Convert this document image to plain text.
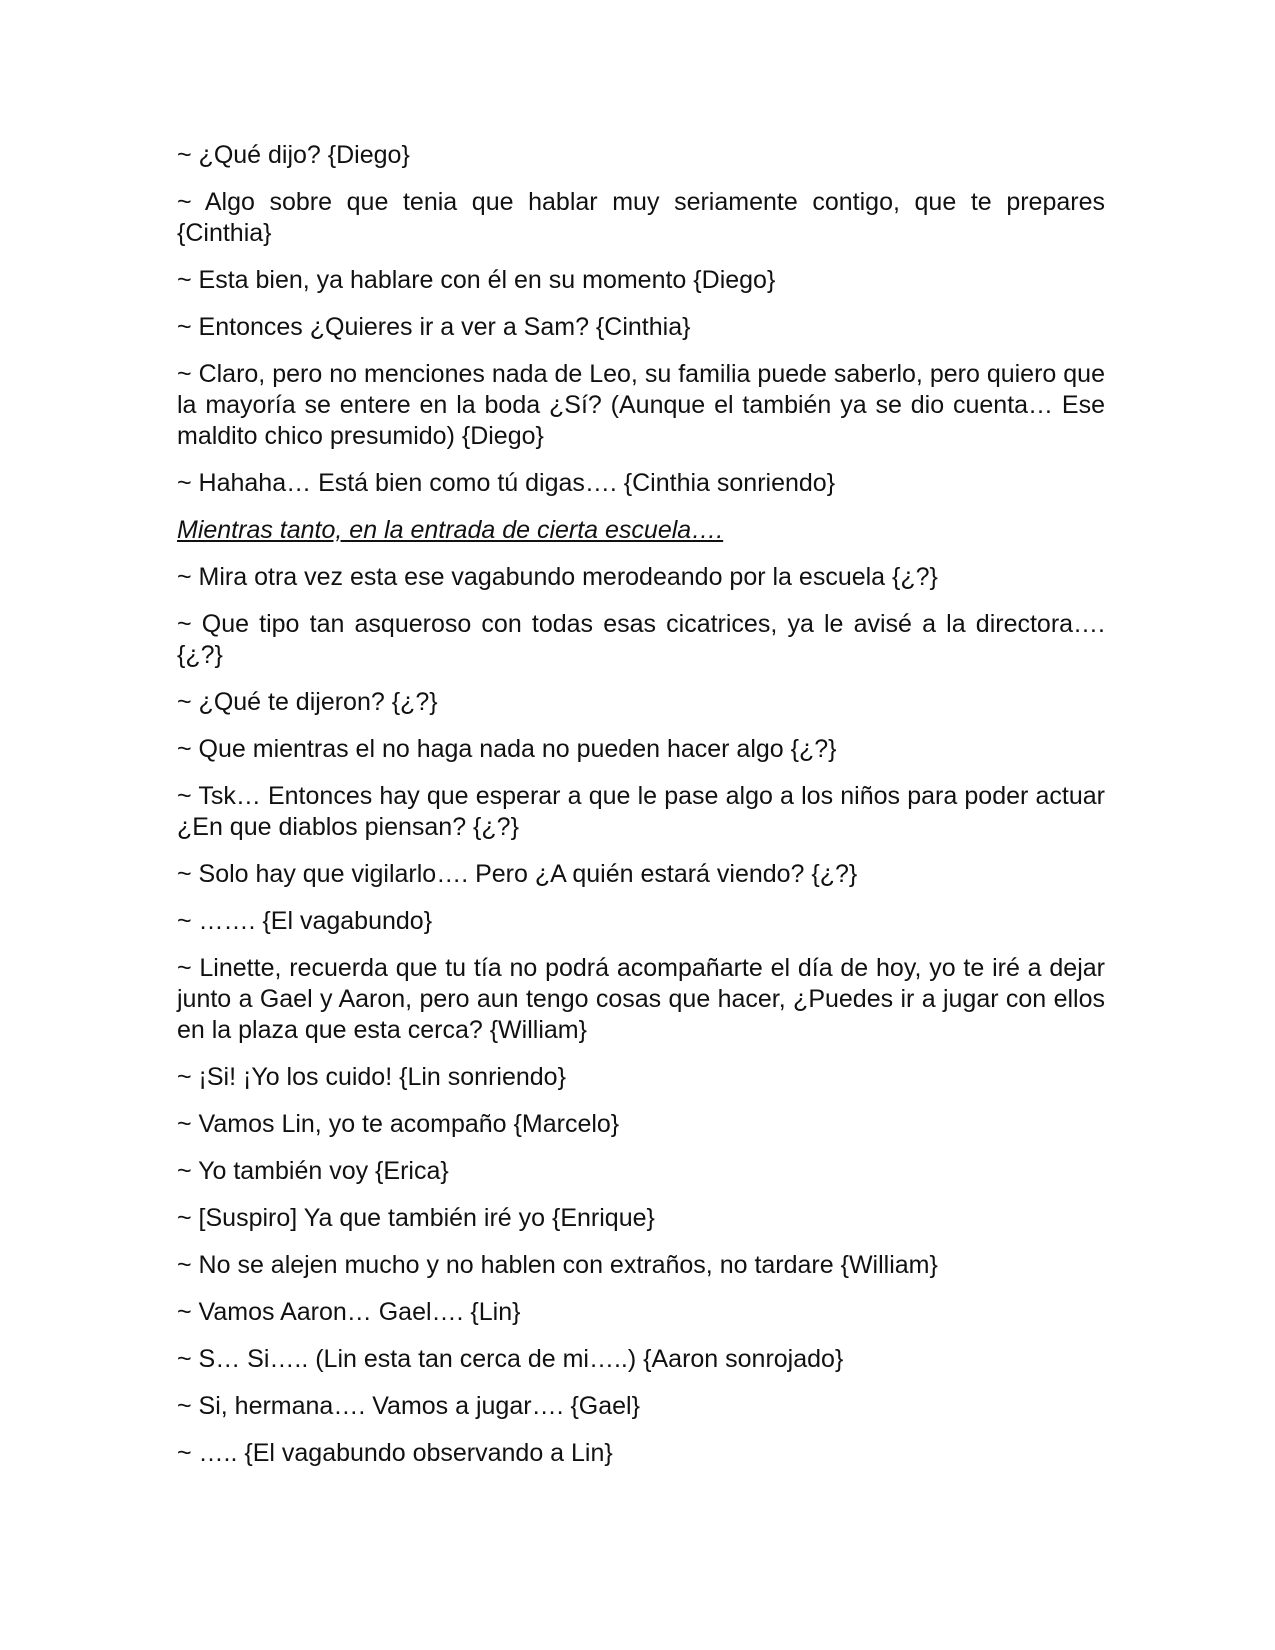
~ ¿Qué dijo? {Diego}

~ Algo sobre que tenia que hablar muy seriamente contigo, que te prepares {Cinthia}

~ Esta bien, ya hablare con él en su momento {Diego}

~ Entonces ¿Quieres ir a ver a Sam? {Cinthia}

~ Claro, pero no menciones nada de Leo, su familia puede saberlo, pero quiero que la mayoría se entere en la boda ¿Sí? (Aunque el también ya se dio cuenta… Ese maldito chico presumido) {Diego}

~ Hahaha… Está bien como tú digas…. {Cinthia sonriendo}

Mientras tanto, en la entrada de cierta escuela….

~ Mira otra vez esta ese vagabundo merodeando por la escuela {¿?}

~ Que tipo tan asqueroso con todas esas cicatrices, ya le avisé a la directora…. {¿?}

~ ¿Qué te dijeron? {¿?}

~ Que mientras el no haga nada no pueden hacer algo {¿?}

~ Tsk… Entonces hay que esperar a que le pase algo a los niños para poder actuar ¿En que diablos piensan? {¿?}

~ Solo hay que vigilarlo…. Pero ¿A quién estará viendo? {¿?}

~ ……. {El vagabundo}

~ Linette, recuerda que tu tía no podrá acompañarte el día de hoy, yo te iré a dejar junto a Gael y Aaron, pero aun tengo cosas que hacer, ¿Puedes ir a jugar con ellos en la plaza que esta cerca? {William}

~ ¡Si! ¡Yo los cuido! {Lin sonriendo}

~ Vamos Lin, yo te acompaño {Marcelo}

~ Yo también voy {Erica}

~ [Suspiro] Ya que también iré yo {Enrique}

~ No se alejen mucho y no hablen con extraños, no tardare {William}

~ Vamos Aaron… Gael…. {Lin}

~ S… Si….. (Lin esta tan cerca de mi…..) {Aaron sonrojado}

~ Si, hermana…. Vamos a jugar…. {Gael}

~ ….. {El vagabundo observando a Lin}
